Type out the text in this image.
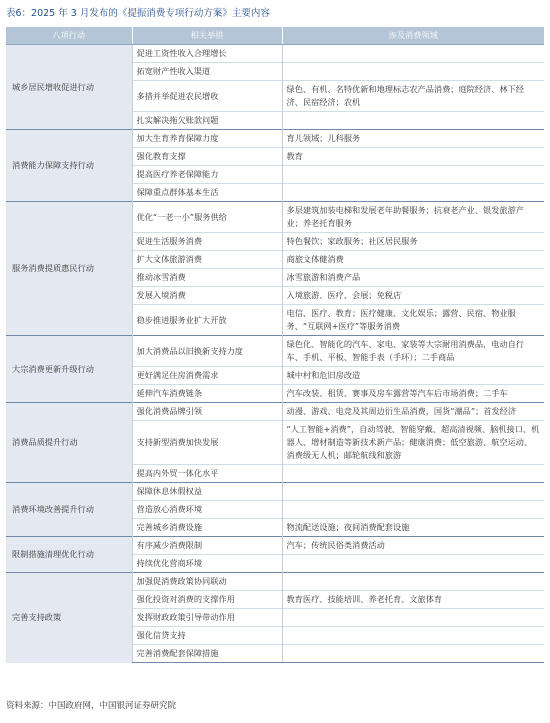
表6：2025 年 3 月发布的《提振消费专项行动方案》主要内容
八项行动	相关举措	涉及消费领域
城乡居民增收促进行动	促进工资性收入合理增长	
	拓宽财产性收入渠道	
	多措并举促进农民增收	绿色、有机、名特优新和地理标志农产品消费；庭院经济、林下经济、民宿经济；农机
	扎实解决拖欠账款问题	
消费能力保障支持行动	加大生育养育保障力度	育儿领域；儿科服务
	强化教育支撑	教育
	提高医疗养老保障能力	
	保障重点群体基本生活	
服务消费提质惠民行动	优化“一老一小”服务供给	多层建筑加装电梯和发展老年助餐服务；抗衰老产业、银发旅游产业；养老托育服务
	促进生活服务消费	特色餐饮；家政服务；社区居民服务
	扩大文体旅游消费	商旅文体健消费
	推动冰雪消费	冰雪旅游和消费产品
	发展入境消费	入境旅游、医疗、会展；免税店
	稳步推进服务业扩大开放	电信、医疗、教育；医疗健康、文化娱乐；露营、民宿、物业服务、“互联网+医疗”等服务消费
大宗消费更新升级行动	加大消费品以旧换新支持力度	绿色化、智能化的汽车、家电、家装等大宗耐用消费品，电动自行车、手机、平板、智能手表（手环）；二手商品
	更好满足住房消费需求	城中村和危旧房改造
	延伸汽车消费链条	汽车改装、租赁、赛事及房车露营等汽车后市场消费；二手车
消费品质提升行动	强化消费品牌引领	动漫、游戏、电竞及其周边衍生品消费，国货“潮品”；首发经济
	支持新型消费加快发展	“人工智能+消费”，自动驾驶、智能穿戴、超高清视频、脑机接口、机器人、增材制造等新技术新产品；健康消费；低空旅游、航空运动、消费级无人机；邮轮航线和旅游
	提高内外贸一体化水平	
消费环境改善提升行动	保障休息休假权益	
	营造放心消费环境	
	完善城乡消费设施	物流配送设施；夜间消费配套设施
限制措施清理优化行动	有序减少消费限制	汽车；传统民俗类消费活动
	持续优化营商环境	
完善支持政策	加强促消费政策协同联动	
	强化投资对消费的支撑作用	教育医疗、技能培训、养老托育、文旅体育
	发挥财政政策引导带动作用	
	强化信贷支持	
	完善消费配套保障措施	
资料来源：中国政府网，中国银河证券研究院
